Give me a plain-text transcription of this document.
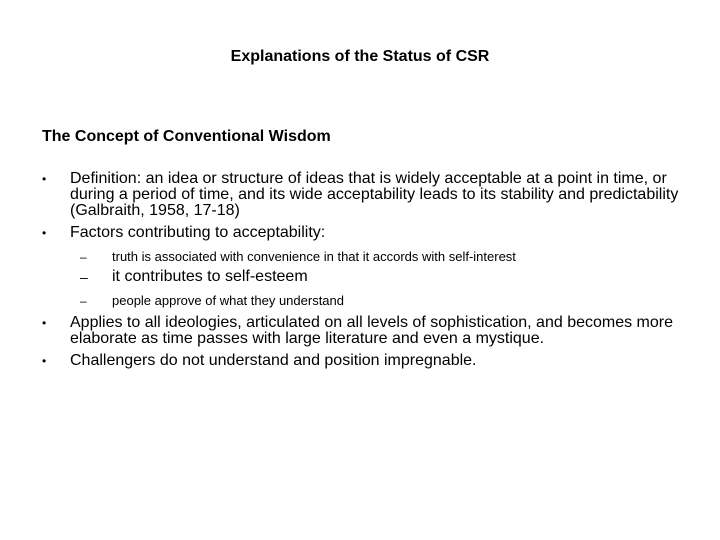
Explanations of the Status of CSR
The Concept of Conventional Wisdom
• Definition: an idea or structure of ideas that is widely acceptable at a point in time, or during a period of time, and its wide acceptability leads to its stability and predictability (Galbraith, 1958, 17-18)
• Factors contributing to acceptability:
– truth is associated with convenience in that it accords with self-interest
– it contributes to self-esteem
– people approve of what they understand
• Applies to all ideologies, articulated on all levels of sophistication, and becomes more elaborate as time passes with large literature and even a mystique.
• Challengers do not understand and position impregnable.
